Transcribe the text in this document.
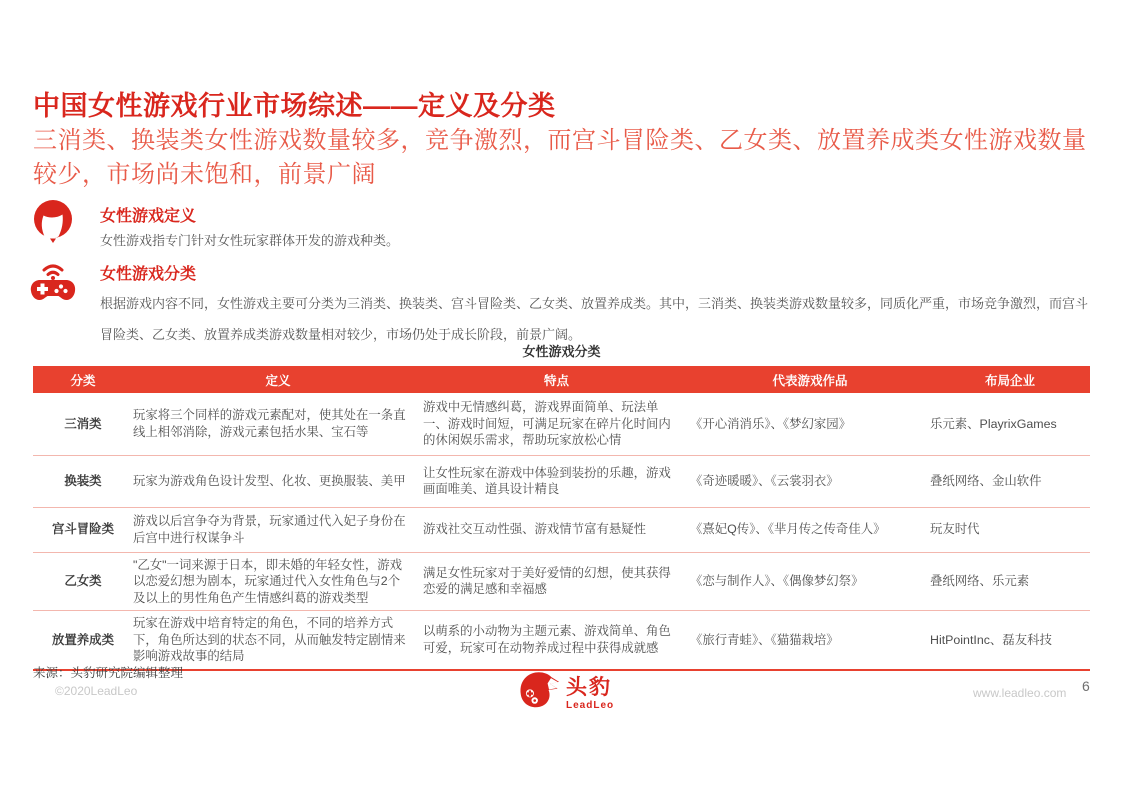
中国女性游戏行业市场综述——定义及分类
三消类、换装类女性游戏数量较多，竞争激烈，而宫斗冒险类、乙女类、放置养成类女性游戏数量较少，市场尚未饱和，前景广阔
女性游戏定义
女性游戏指专门针对女性玩家群体开发的游戏种类。
女性游戏分类
根据游戏内容不同，女性游戏主要可分类为三消类、换装类、宫斗冒险类、乙女类、放置养成类。其中，三消类、换装类游戏数量较多，同质化严重，市场竞争激烈，而宫斗冒险类、乙女类、放置养成类游戏数量相对较少，市场仍处于成长阶段，前景广阔。
女性游戏分类
分类	定义	特点	代表游戏作品	布局企业
三消类	玩家将三个同样的游戏元素配对，使其处在一条直线上相邻消除，游戏元素包括水果、宝石等	游戏中无情感纠葛，游戏界面简单、玩法单一、游戏时间短，可满足玩家在碎片化时间内的休闲娱乐需求，帮助玩家放松心情	《开心消消乐》、《梦幻家园》	乐元素、PlayrixGames
换装类	玩家为游戏角色设计发型、化妆、更换服装、美甲	让女性玩家在游戏中体验到装扮的乐趣，游戏画面唯美、道具设计精良	《奇迹暖暖》、《云裳羽衣》	叠纸网络、金山软件
宫斗冒险类	游戏以后宫争夺为背景，玩家通过代入妃子身份在后宫中进行权谋争斗	游戏社交互动性强、游戏情节富有悬疑性	《熹妃Q传》、《芈月传之传奇佳人》	玩友时代
乙女类	"乙女"一词来源于日本，即未婚的年轻女性，游戏以恋爱幻想为剧本，玩家通过代入女性角色与2个及以上的男性角色产生情感纠葛的游戏类型	满足女性玩家对于美好爱情的幻想，使其获得恋爱的满足感和幸福感	《恋与制作人》、《偶像梦幻祭》	叠纸网络、乐元素
放置养成类	玩家在游戏中培育特定的角色，不同的培养方式下，角色所达到的状态不同，从而触发特定剧情来影响游戏故事的结局	以萌系的小动物为主题元素、游戏简单、角色可爱，玩家可在动物养成过程中获得成就感	《旅行青蛙》、《猫猫栽培》	HitPointInc、磊友科技
来源：头豹研究院编辑整理
©2020LeadLeo	头豹
LeadLeo
www.leadleo.com 6
